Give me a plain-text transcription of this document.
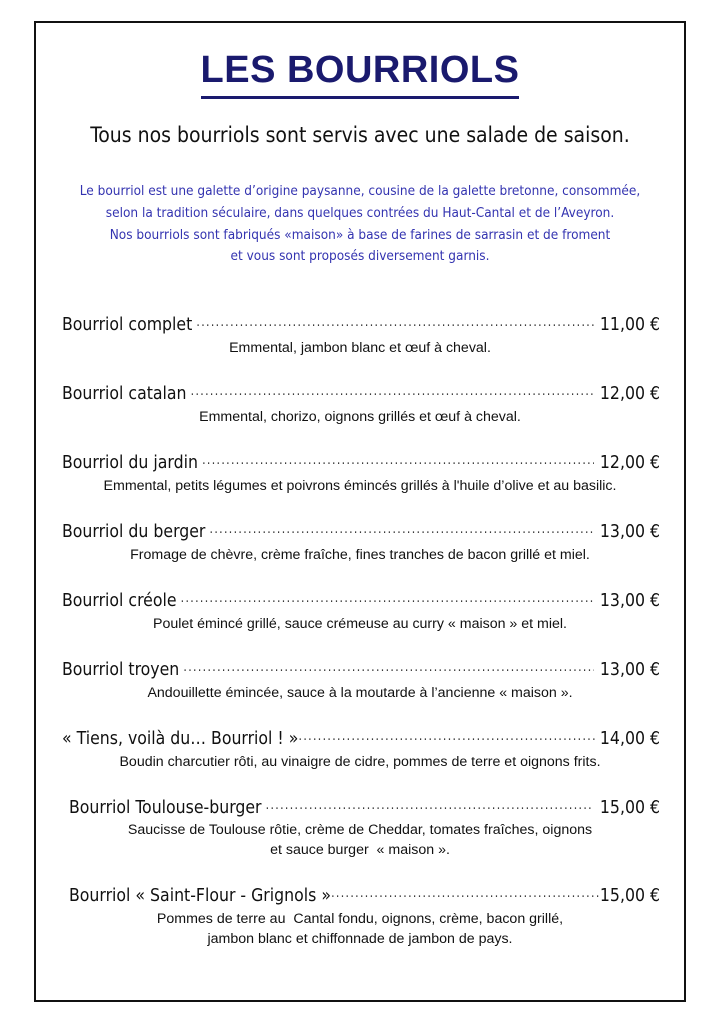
LES BOURRIOLS

Tous nos bourriols sont servis avec une salade de saison.

Le bourriol est une galette d’origine paysanne, cousine de la galette bretonne, consommée,
selon la tradition séculaire, dans quelques contrées du Haut-Cantal et de l’Aveyron.
Nos bourriols sont fabriqués «maison» à base de farines de sarrasin et de froment
et vous sont proposés diversement garnis.

Bourriol complet .....	11,00 €
Emmental, jambon blanc et œuf à cheval.
Bourriol catalan .....	12,00 €
Emmental, chorizo, oignons grillés et œuf à cheval.
Bourriol du jardin .....	12,00 €
Emmental, petits légumes et poivrons émincés grillés à l'huile d’olive et au basilic.
Bourriol du berger .....	13,00 €
Fromage de chèvre, crème fraîche, fines tranches de bacon grillé et miel.
Bourriol créole .....	13,00 €
Poulet émincé grillé, sauce crémeuse au curry « maison » et miel.
Bourriol troyen .....	13,00 €
Andouillette émincée, sauce à la moutarde à l’ancienne « maison ».
« Tiens, voilà du… Bourriol ! » .....	14,00 €
Boudin charcutier rôti, au vinaigre de cidre, pommes de terre et oignons frits.
Bourriol Toulouse-burger .....	15,00 €
Saucisse de Toulouse rôtie, crème de Cheddar, tomates fraîches, oignons
et sauce burger  « maison ».
Bourriol « Saint-Flour - Grignols » .....	15,00 €
Pommes de terre au  Cantal fondu, oignons, crème, bacon grillé,
jambon blanc et chiffonnade de jambon de pays.
